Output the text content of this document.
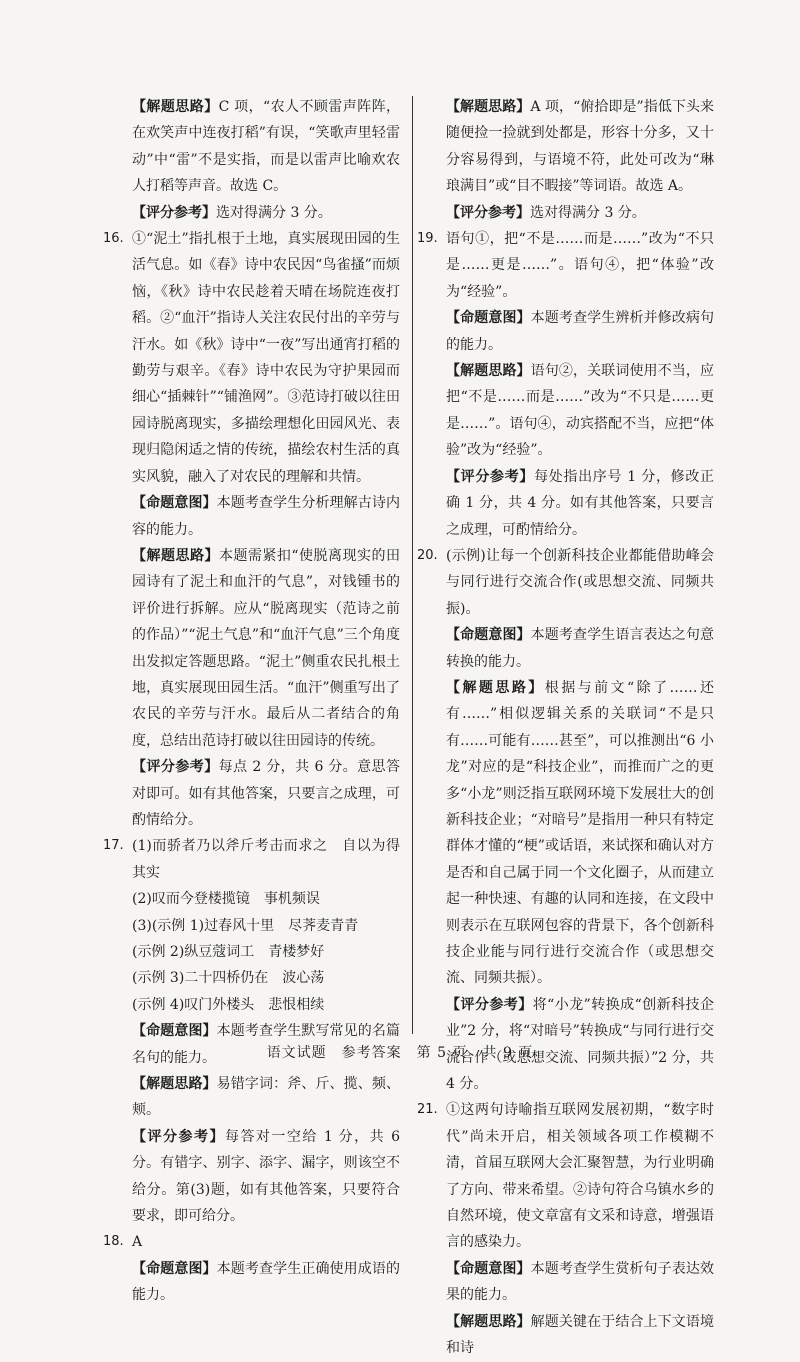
【解题思路】C 项，“农人不顾雷声阵阵，在欢笑声中连夜打稻”有误，“笑歌声里轻雷动”中“雷”不是实指，而是以雷声比喻欢农人打稻等声音。故选 C。

【评分参考】选对得满分 3 分。

16. ①“泥土”指扎根于土地，真实展现田园的生活气息。如《春》诗中农民因“鸟雀搔”而烦恼，《秋》诗中农民趁着天晴在场院连夜打稻。②“血汗”指诗人关注农民付出的辛劳与汗水。如《秋》诗中“一夜”写出通宵打稻的勤劳与艰辛。《春》诗中农民为守护果园而细心“插棘针”“铺渔网”。③范诗打破以往田园诗脱离现实，多描绘理想化田园风光、表现归隐闲适之情的传统，描绘农村生活的真实风貌，融入了对农民的理解和共情。

【命题意图】本题考查学生分析理解古诗内容的能力。

【解题思路】本题需紧扣“使脱离现实的田园诗有了泥土和血汗的气息”，对钱锺书的评价进行拆解。应从“脱离现实（范诗之前的作品）”“泥土气息”和“血汗气息”三个角度出发拟定答题思路。“泥土”侧重农民扎根土地，真实展现田园生活。“血汗”侧重写出了农民的辛劳与汗水。最后从二者结合的角度，总结出范诗打破以往田园诗的传统。

【评分参考】每点 2 分，共 6 分。意思答对即可。如有其他答案，只要言之成理，可酌情给分。

17. (1)而骄者乃以斧斤考击而求之　自以为得其实

(2)叹而今登楼揽镜　事机频误

(3)(示例 1)过春风十里　尽荠麦青青

(示例 2)纵豆蔻词工　青楼梦好

(示例 3)二十四桥仍在　波心荡

(示例 4)叹门外楼头　悲恨相续

【命题意图】本题考查学生默写常见的名篇名句的能力。

【解题思路】易错字词：斧、斤、揽、频、颊。

【评分参考】每答对一空给 1 分，共 6 分。有错字、别字、添字、漏字，则该空不给分。第(3)题，如有其他答案，只要符合要求，即可给分。

18. A

【命题意图】本题考查学生正确使用成语的能力。

【解题思路】A 项，“俯拾即是”指低下头来随便捡一捡就到处都是，形容十分多，又十分容易得到，与语境不符，此处可改为“琳琅满目”或“目不暇接”等词语。故选 A。

【评分参考】选对得满分 3 分。

19. 语句①，把“不是……而是……”改为“不只是……更是……”。语句④，把“体验”改为“经验”。

【命题意图】本题考查学生辨析并修改病句的能力。

【解题思路】语句②，关联词使用不当，应把“不是……而是……”改为“不只是……更是……”。语句④，动宾搭配不当，应把“体验”改为“经验”。

【评分参考】每处指出序号 1 分，修改正确 1 分，共 4 分。如有其他答案，只要言之成理，可酌情给分。

20. (示例)让每一个创新科技企业都能借助峰会与同行进行交流合作(或思想交流、同频共振)。

【命题意图】本题考查学生语言表达之句意转换的能力。

【解题思路】根据与前文“除了……还有……”相似逻辑关系的关联词“不是只有……可能有……甚至”，可以推测出“6 小龙”对应的是“科技企业”，而推而广之的更多“小龙”则泛指互联网环境下发展壮大的创新科技企业；“对暗号”是指用一种只有特定群体才懂的“梗”或话语，来试探和确认对方是否和自己属于同一个文化圈子，从而建立起一种快速、有趣的认同和连接，在文段中则表示在互联网包容的背景下，各个创新科技企业能与同行进行交流合作（或思想交流、同频共振）。

【评分参考】将“小龙”转换成“创新科技企业”2 分，将“对暗号”转换成“与同行进行交流合作（或思想交流、同频共振）”2 分，共 4 分。

21. ①这两句诗喻指互联网发展初期，“数字时代”尚未开启，相关领域各项工作模糊不清，首届互联网大会汇聚智慧，为行业明确了方向、带来希望。②诗句符合乌镇水乡的自然环境，使文章富有文采和诗意，增强语言的感染力。

【命题意图】本题考查学生赏析句子表达效果的能力。

【解题思路】解题关键在于结合上下文语境和诗

语文试题　参考答案　第 5 页　共 9 页
